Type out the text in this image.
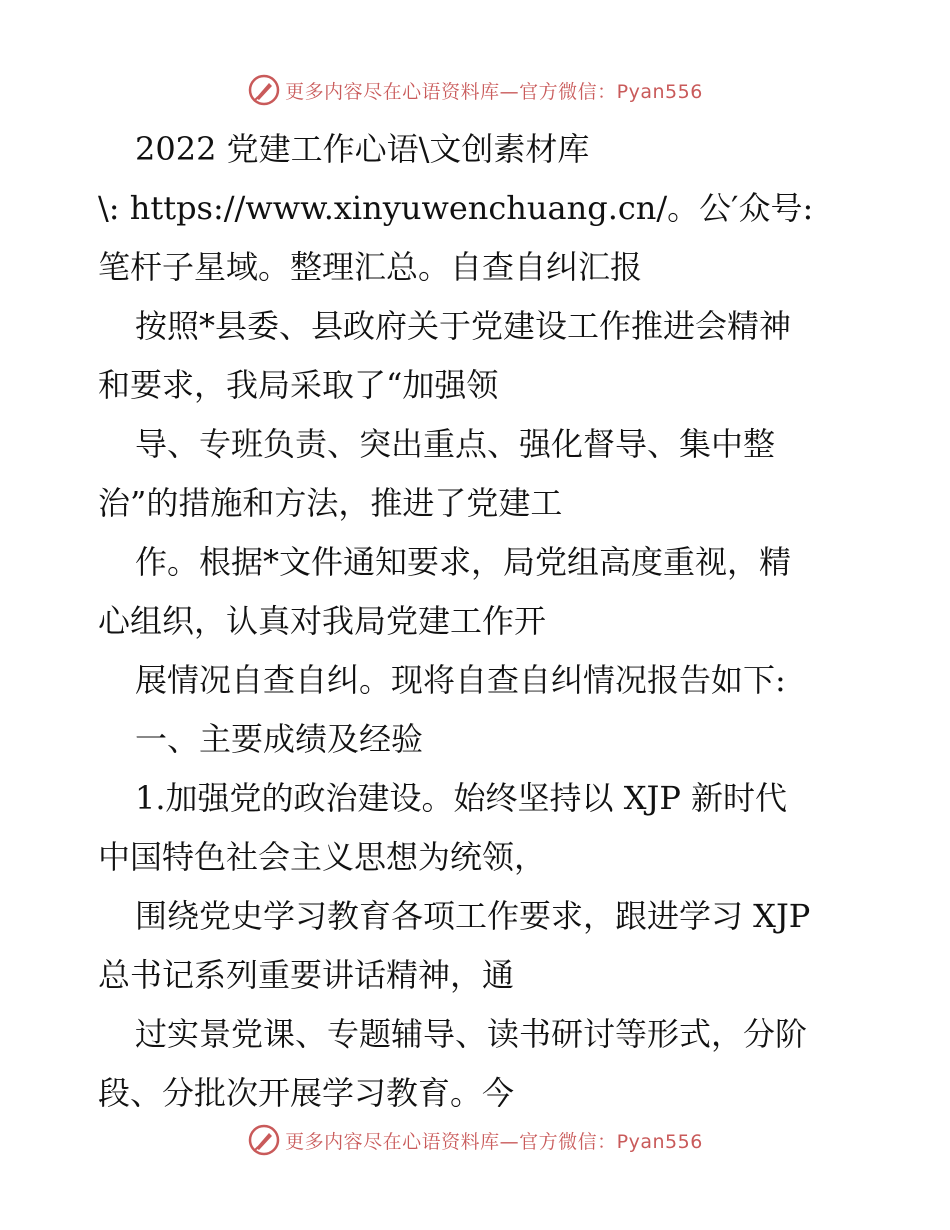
更多内容尽在心语资料库—官方微信：Pyan556

2022 党建工作心语\文创素材库

\: https://www.xinyuwenchuang.cn/。公′众号:

笔杆子星域。整理汇总。自查自纠汇报

按照*县委、县政府关于党建设工作推进会精神

和要求，我局采取了“加强领

导、专班负责、突出重点、强化督导、集中整

治”的措施和方法，推进了党建工

作。根据*文件通知要求，局党组高度重视，精

心组织，认真对我局党建工作开

展情况自查自纠。现将自查自纠情况报告如下:

一、主要成绩及经验

1.加强党的政治建设。始终坚持以 XJP 新时代

中国特色社会主义思想为统领，

围绕党史学习教育各项工作要求，跟进学习 XJP

总书记系列重要讲话精神，通

过实景党课、专题辅导、读书研讨等形式，分阶

段、分批次开展学习教育。今

更多内容尽在心语资料库—官方微信：Pyan556
